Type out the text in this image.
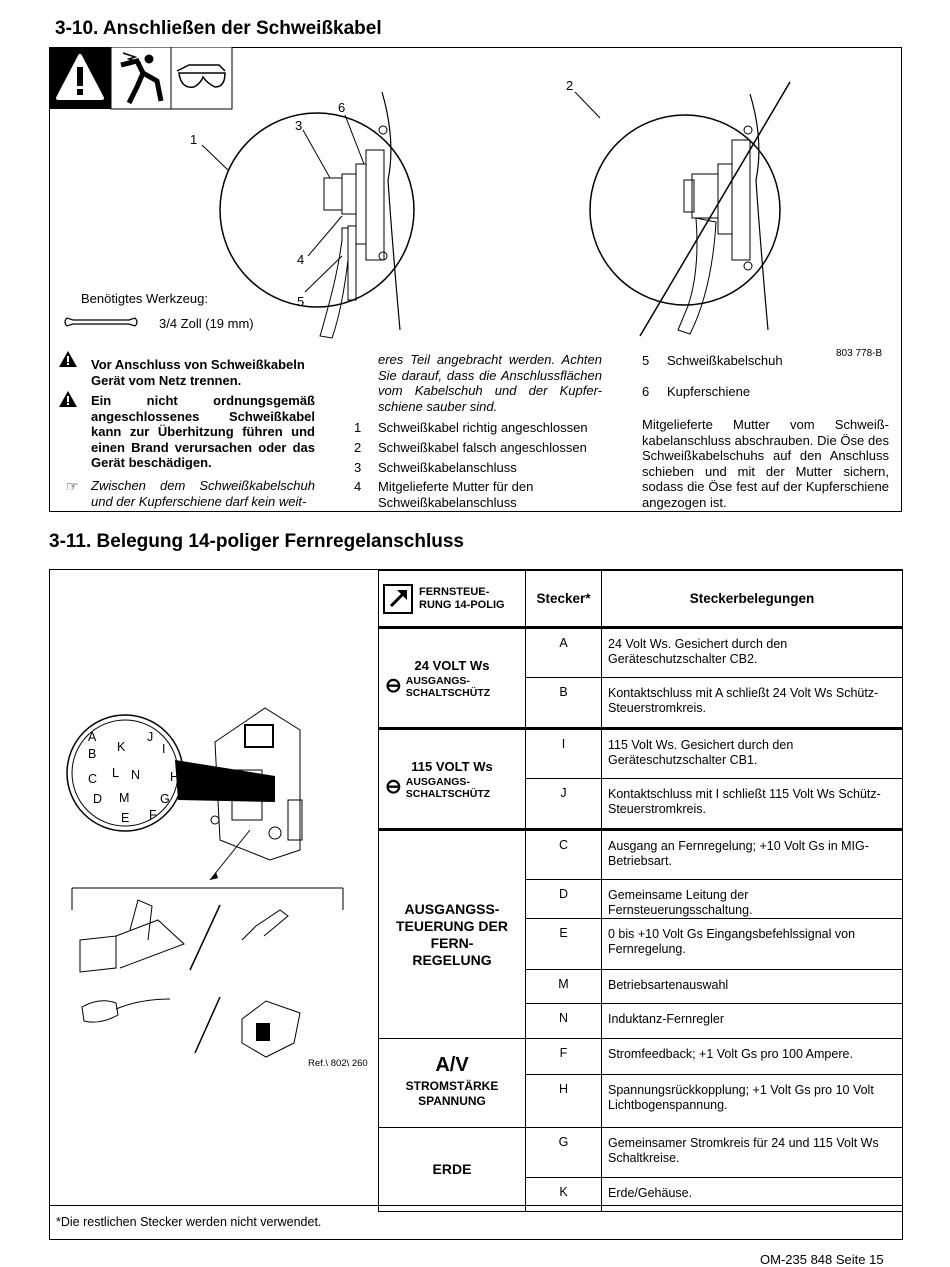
3-10. Anschließen der Schweißkabel
1
3
6
4
5
2
803 778-B
Benötigtes Werkzeug:
3/4 Zoll (19 mm)
Vor Anschluss von Schweißkabeln Gerät vom Netz trennen.
Ein nicht ordnungsgemäß angeschlossenes Schweißkabel kann zur Überhitzung führen und einen Brand verursachen oder das Gerät beschädigen.
☞ Zwischen dem Schweißkabelschuh und der Kupferschiene darf kein weit-
eres Teil angebracht werden. Achten Sie darauf, dass die Anschlussflächen vom Kabelschuh und der Kupfer- schiene sauber sind.
1 Schweißkabel richtig angeschlossen
2 Schweißkabel falsch angeschlossen
3 Schweißkabelanschluss
4 Mitgelieferte Mutter für den Schweißkabelanschluss
5 Schweißkabelschuh
6 Kupferschiene
Mitgelieferte Mutter vom Schweiß-kabelanschluss abschrauben. Die Öse des Schweißkabelschuhs auf den Anschluss schieben und mit der Mutter sichern, sodass die Öse fest auf der Kupferschiene angezogen ist.
3-11. Belegung 14-poliger Fernregelanschluss
Ref.\ 802\ 260
A	J
B K	I
L N
C	H
D M G
E F
FERNSTEUE- RUNG 14-POLIG	Stecker*	Steckerbelegungen

24 VOLT Ws
⊖ AUSGANGS- SCHALTSCHÜTZ	A	24 Volt Ws. Gesichert durch den Geräteschutzschalter CB2.
	B	Kontaktschluss mit A schließt 24 Volt Ws Schütz-Steuerstromkreis.

115 VOLT Ws
⊖ AUSGANGS- SCHALTSCHÜTZ	I	115 Volt Ws. Gesichert durch den Geräteschutzschalter CB1.
	J	Kontaktschluss mit I schließt 115 Volt Ws Schütz-Steuerstromkreis.
AUSGANGSS- TEUERUNG DER FERN- REGELUNG	C	Ausgang an Fernregelung; +10 Volt Gs in MIG-Betriebsart.
	D	Gemeinsame Leitung der Fernsteuerungsschaltung.
	E	0 bis +10 Volt Gs Eingangsbefehlssignal von Fernregelung.
	M	Betriebsartenauswahl
	N	Induktanz-Fernregler

A/V
STROMSTÄRKE SPANNUNG	F	Stromfeedback; +1 Volt Gs pro 100 Ampere.
	H	Spannungsrückkopplung; +1 Volt Gs pro 10 Volt Lichtbogenspannung.
ERDE	G	Gemeinsamer Stromkreis für 24 und 115 Volt Ws Schaltkreise.
	K	Erde/Gehäuse.
*Die restlichen Stecker werden nicht verwendet.
OM-235 848 Seite 15
